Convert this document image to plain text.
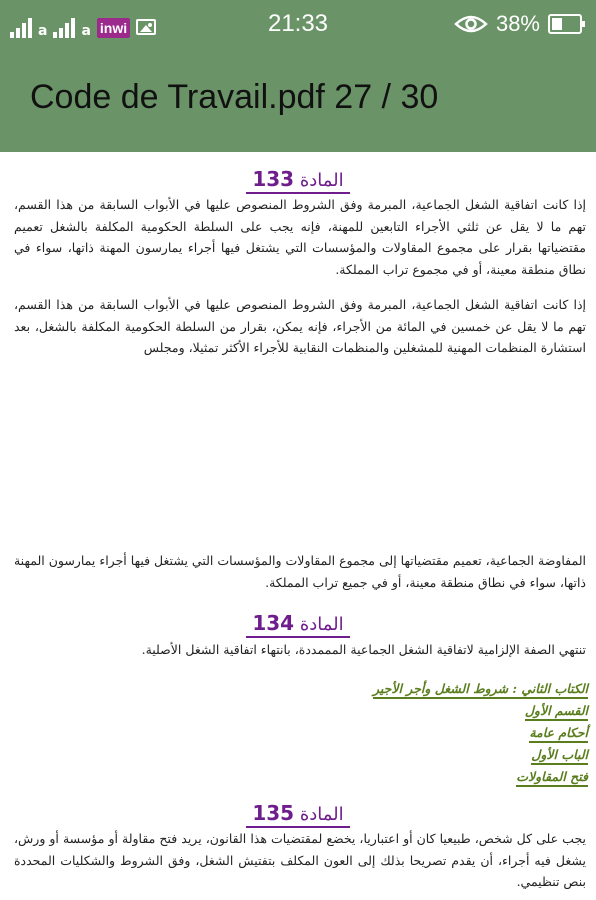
a a inwi	21:33	38%
Code de Travail.pdf 27 / 30
133 المادة

إذا كانت اتفاقية الشغل الجماعية، المبرمة وفق الشروط المنصوص عليها في الأبواب السابقة من هذا القسم، تهم ما لا يقل عن ثلثي الأجراء التابعين للمهنة، فإنه يجب على السلطة الحكومية المكلفة بالشغل تعميم مقتضياتها بقرار على مجموع المقاولات والمؤسسات التي يشتغل فيها أجراء يمارسون المهنة ذاتها، سواء في نطاق منطقة معينة، أو في مجموع تراب المملكة.

إذا كانت اتفاقية الشغل الجماعية، المبرمة وفق الشروط المنصوص عليها في الأبواب السابقة من هذا القسم، تهم ما لا يقل عن خمسين في المائة من الأجراء، فإنه يمكن، بقرار من السلطة الحكومية المكلفة بالشغل، بعد استشارة المنظمات المهنية للمشغلين والمنظمات النقابية للأجراء الأكثر تمثيلا، ومجلس

المفاوضة الجماعية، تعميم مقتضياتها إلى مجموع المقاولات والمؤسسات التي يشتغل فيها أجراء يمارسون المهنة ذاتها، سواء في نطاق منطقة معينة، أو في جميع تراب المملكة.

134 المادة

تنتهي الصفة الإلزامية لاتفاقية الشغل الجماعية المممددة، بانتهاء اتفاقية الشغل الأصلية.

الكتاب الثاني : شروط الشغل وأجر الأجير
القسم الأول
أحكام عامة
الباب الأول
فتح المقاولات
135 المادة

يجب على كل شخص، طبيعيا كان أو اعتباريا، يخضع لمقتضيات هذا القانون، يريد فتح مقاولة أو مؤسسة أو ورش، يشغل فيه أجراء، أن يقدم تصريحا بذلك إلى العون المكلف بتفتيش الشغل، وفق الشروط والشكليات المحددة بنص تنظيمي.
